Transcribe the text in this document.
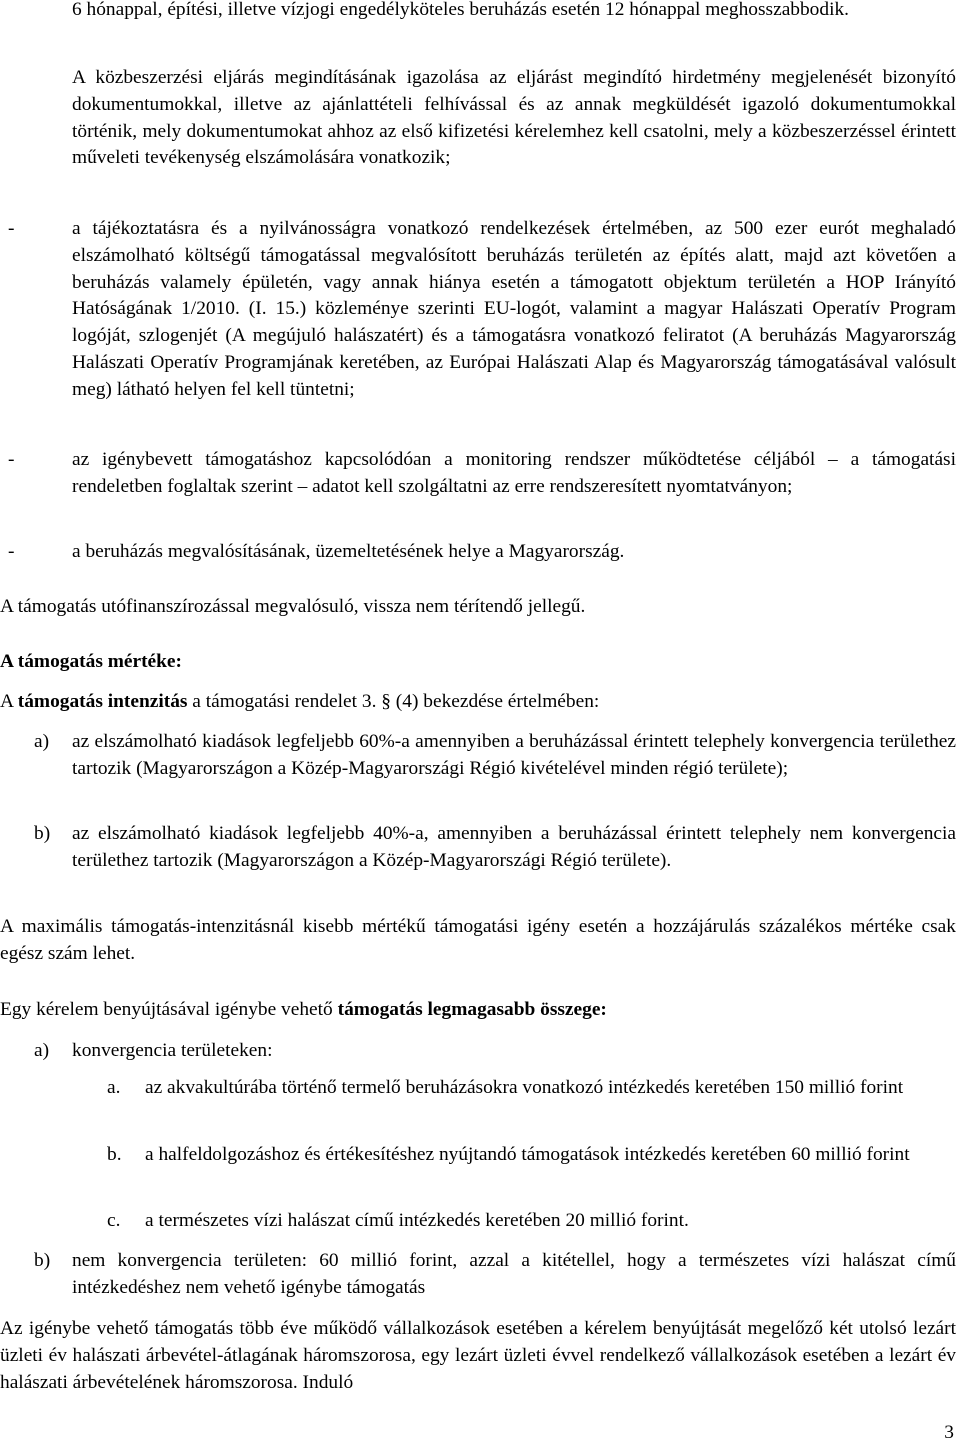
6 hónappal, építési, illetve vízjogi engedélyköteles beruházás esetén 12 hónappal meghosszabbodik.
A közbeszerzési eljárás megindításának igazolása az eljárást megindító hirdetmény megjelenését bizonyító dokumentumokkal, illetve az ajánlattételi felhívással és az annak megküldését igazoló dokumentumokkal történik, mely dokumentumokat ahhoz az első kifizetési kérelemhez kell csatolni, mely a közbeszerzéssel érintett műveleti tevékenység elszámolására vonatkozik;
-	a tájékoztatásra és a nyilvánosságra vonatkozó rendelkezések értelmében, az 500 ezer eurót meghaladó elszámolható költségű támogatással megvalósított beruházás területén az építés alatt, majd azt követően a beruházás valamely épületén, vagy annak hiánya esetén a támogatott objektum területén a HOP Irányító Hatóságának 1/2010. (I. 15.) közleménye szerinti EU-logót, valamint a magyar Halászati Operatív Program logóját, szlogenjét (A megújuló halászatért) és a támogatásra vonatkozó feliratot (A beruházás Magyarország Halászati Operatív Programjának keretében, az Európai Halászati Alap és Magyarország támogatásával valósult meg) látható helyen fel kell tüntetni;
-	az igénybevett támogatáshoz kapcsolódóan a monitoring rendszer működtetése céljából – a támogatási rendeletben foglaltak szerint – adatot kell szolgáltatni az erre rendszeresített nyomtatványon;
-	a beruházás megvalósításának, üzemeltetésének helye a Magyarország.
A támogatás utófinanszírozással megvalósuló, vissza nem térítendő jellegű.
A támogatás mértéke:
A támogatás intenzitás a támogatási rendelet 3. § (4) bekezdése értelmében:
a) az elszámolható kiadások legfeljebb 60%-a amennyiben a beruházással érintett telephely konvergencia területhez tartozik (Magyarországon a Közép-Magyarországi Régió kivételével minden régió területe);
b) az elszámolható kiadások legfeljebb 40%-a, amennyiben a beruházással érintett telephely nem konvergencia területhez tartozik (Magyarországon a Közép-Magyarországi Régió területe).
A maximális támogatás-intenzitásnál kisebb mértékű támogatási igény esetén a hozzájárulás százalékos mértéke csak egész szám lehet.
Egy kérelem benyújtásával igénybe vehető támogatás legmagasabb összege:
a) konvergencia területeken:
a. az akvakultúrába történő termelő beruházásokra vonatkozó intézkedés keretében 150 millió forint
b. a halfeldolgozáshoz és értékesítéshez nyújtandó támogatások intézkedés keretében 60 millió forint
c. a természetes vízi halászat című intézkedés keretében 20 millió forint.
b) nem konvergencia területen: 60 millió forint, azzal a kitétellel, hogy a természetes vízi halászat című intézkedéshez nem vehető igénybe támogatás
Az igénybe vehető támogatás több éve működő vállalkozások esetében a kérelem benyújtását megelőző két utolsó lezárt üzleti év halászati árbevétel-átlagának háromszorosa, egy lezárt üzleti évvel rendelkező vállalkozások esetében a lezárt év halászati árbevételének háromszorosa. Induló
3
